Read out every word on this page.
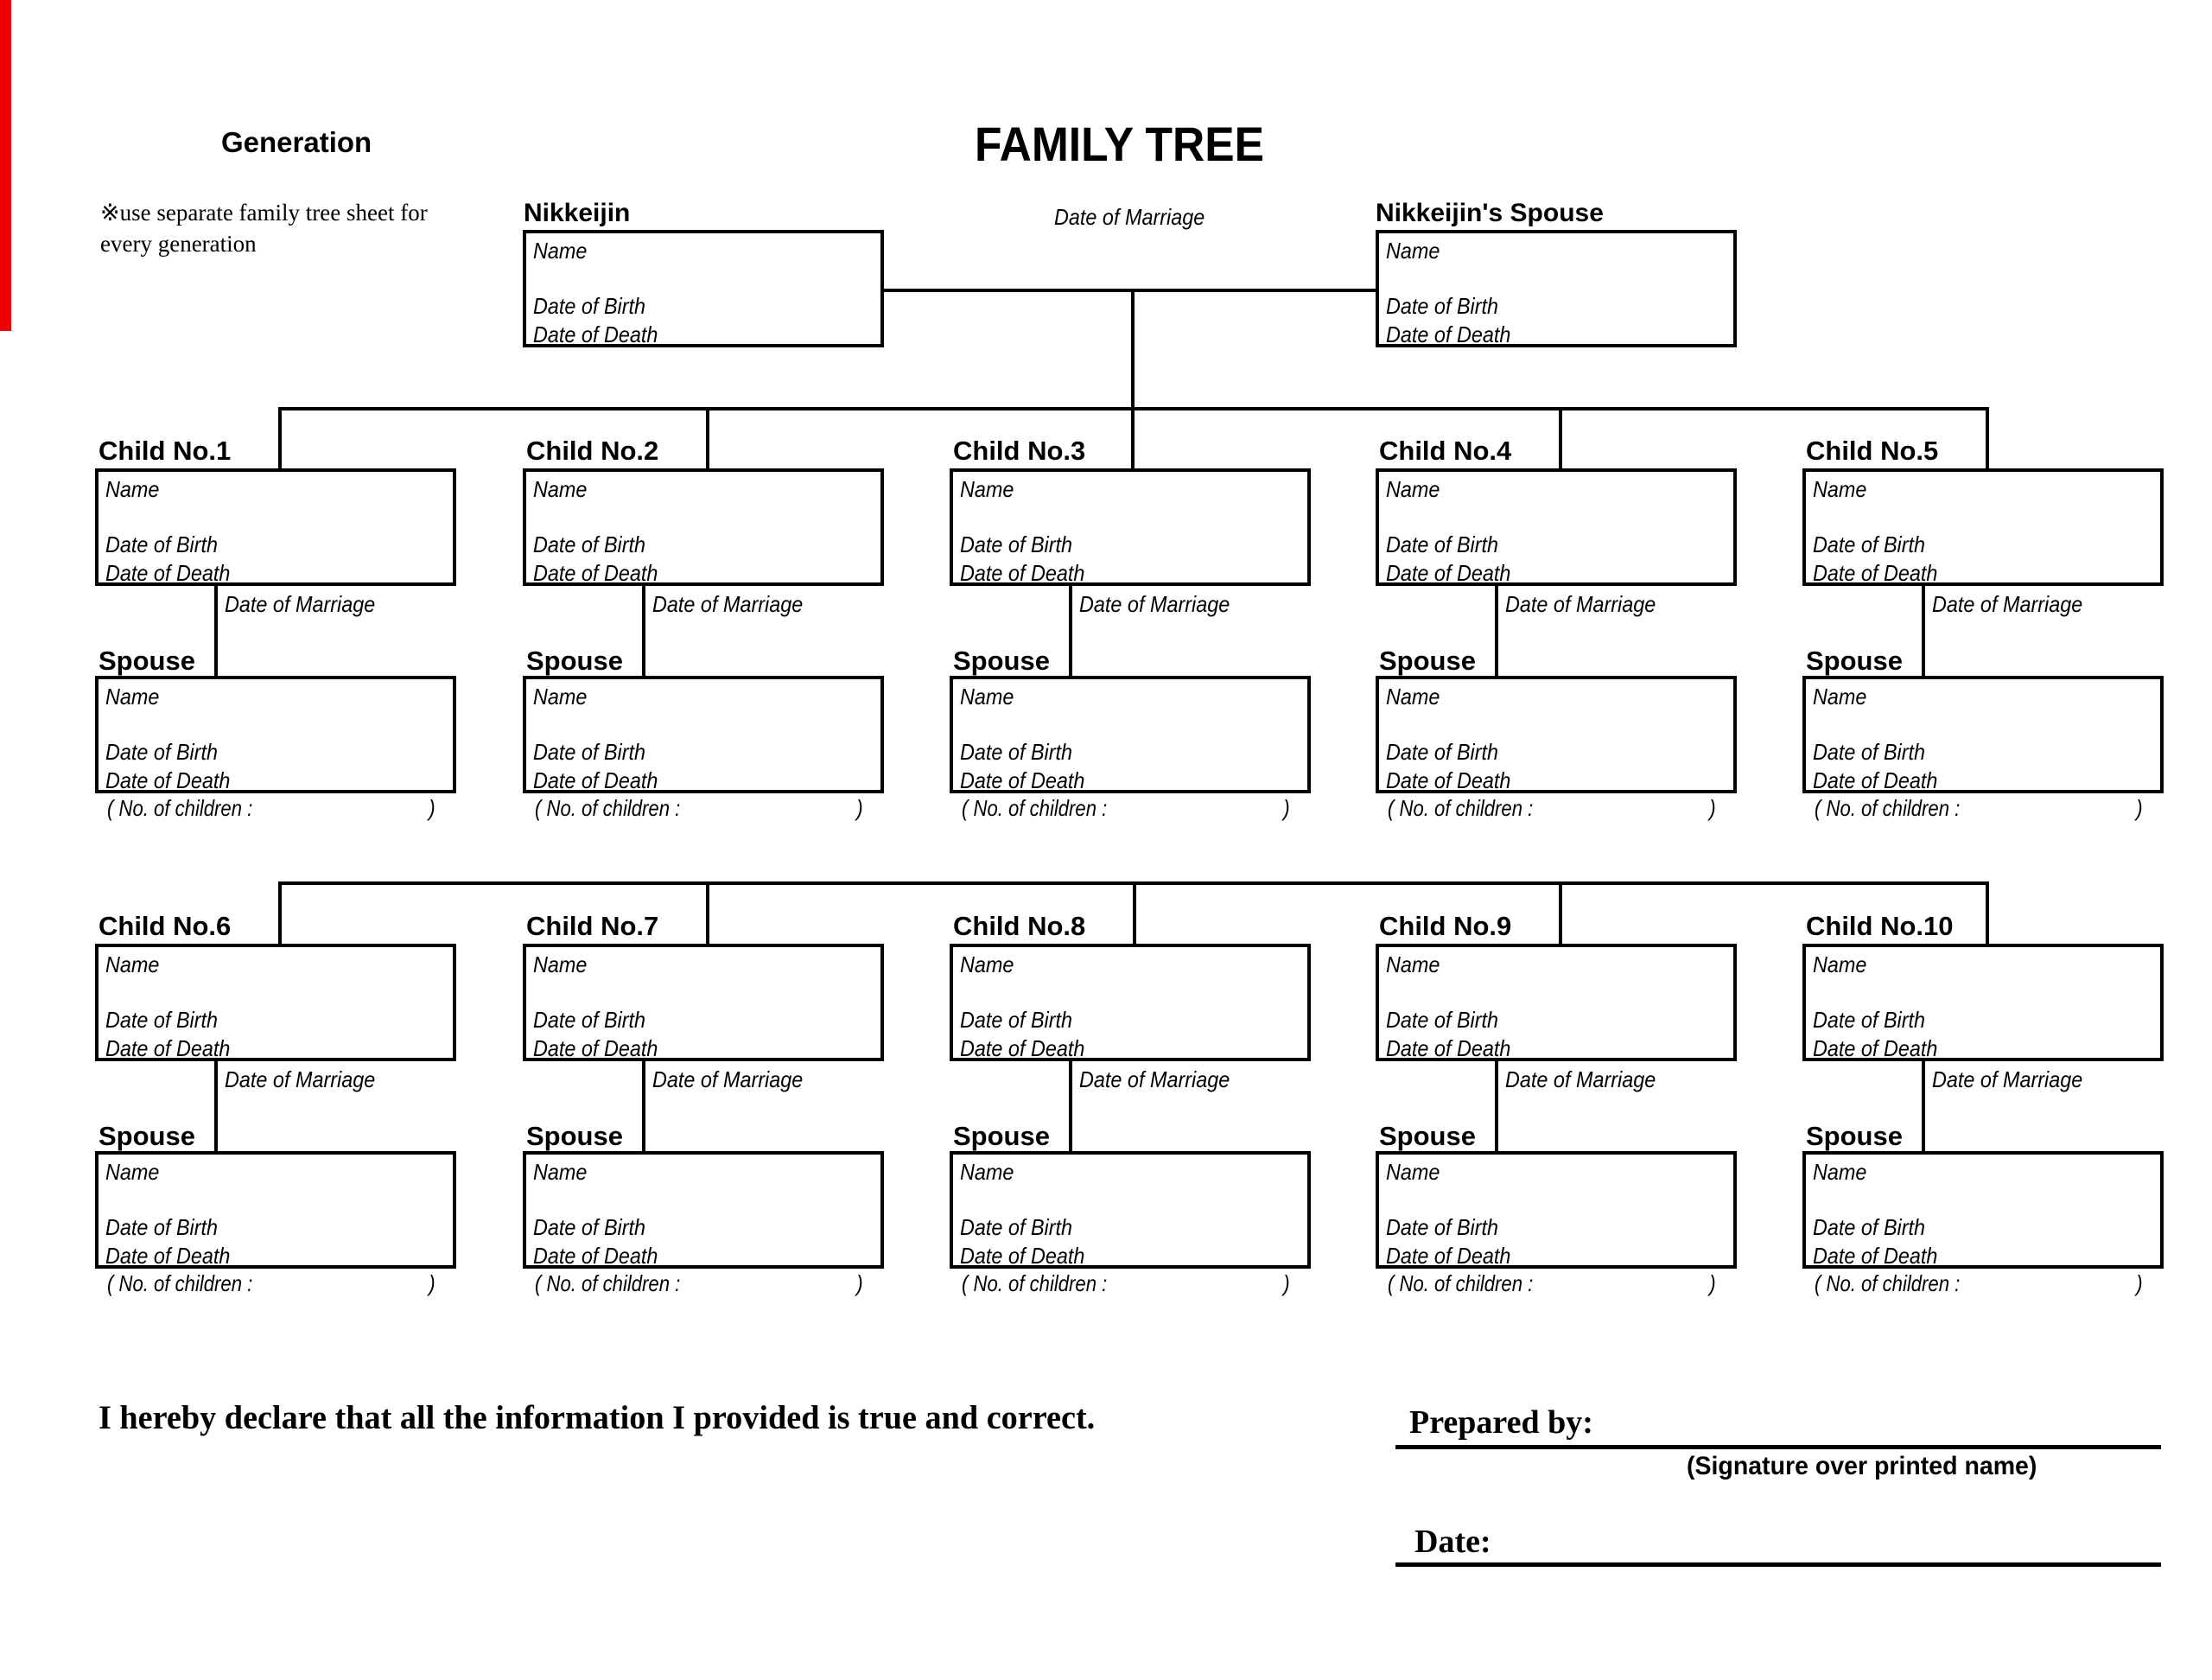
Generation	FAMILY TREE
※use separate family tree sheet for
every generation
Nikkeijin	Date of Marriage	Nikkeijin's Spouse
Name
Date of Birth
Date of Death
Name
Date of Birth
Date of Death
Child No.1
Name
Date of Birth
Date of Death
Date of Marriage
Spouse
Name
Date of Birth
Date of Death
( No. of children :	)
Child No.2
Name
Date of Birth
Date of Death
Date of Marriage
Spouse
Name
Date of Birth
Date of Death
( No. of children :	)
Child No.3
Name
Date of Birth
Date of Death
Date of Marriage
Spouse
Name
Date of Birth
Date of Death
( No. of children :	)
Child No.4
Name
Date of Birth
Date of Death
Date of Marriage
Spouse
Name
Date of Birth
Date of Death
( No. of children :	)
Child No.5
Name
Date of Birth
Date of Death
Date of Marriage
Spouse
Name
Date of Birth
Date of Death
( No. of children :	)
Child No.6
Name
Date of Birth
Date of Death
Date of Marriage
Spouse
Name
Date of Birth
Date of Death
( No. of children :	)
Child No.7
Name
Date of Birth
Date of Death
Date of Marriage
Spouse
Name
Date of Birth
Date of Death
( No. of children :	)
Child No.8
Name
Date of Birth
Date of Death
Date of Marriage
Spouse
Name
Date of Birth
Date of Death
( No. of children :	)
Child No.9
Name
Date of Birth
Date of Death
Date of Marriage
Spouse
Name
Date of Birth
Date of Death
( No. of children :	)
Child No.10
Name
Date of Birth
Date of Death
Date of Marriage
Spouse
Name
Date of Birth
Date of Death
( No. of children :	)
I hereby declare that all the information I provided is true and correct.	Prepared by:
(Signature over printed name)
Date:
